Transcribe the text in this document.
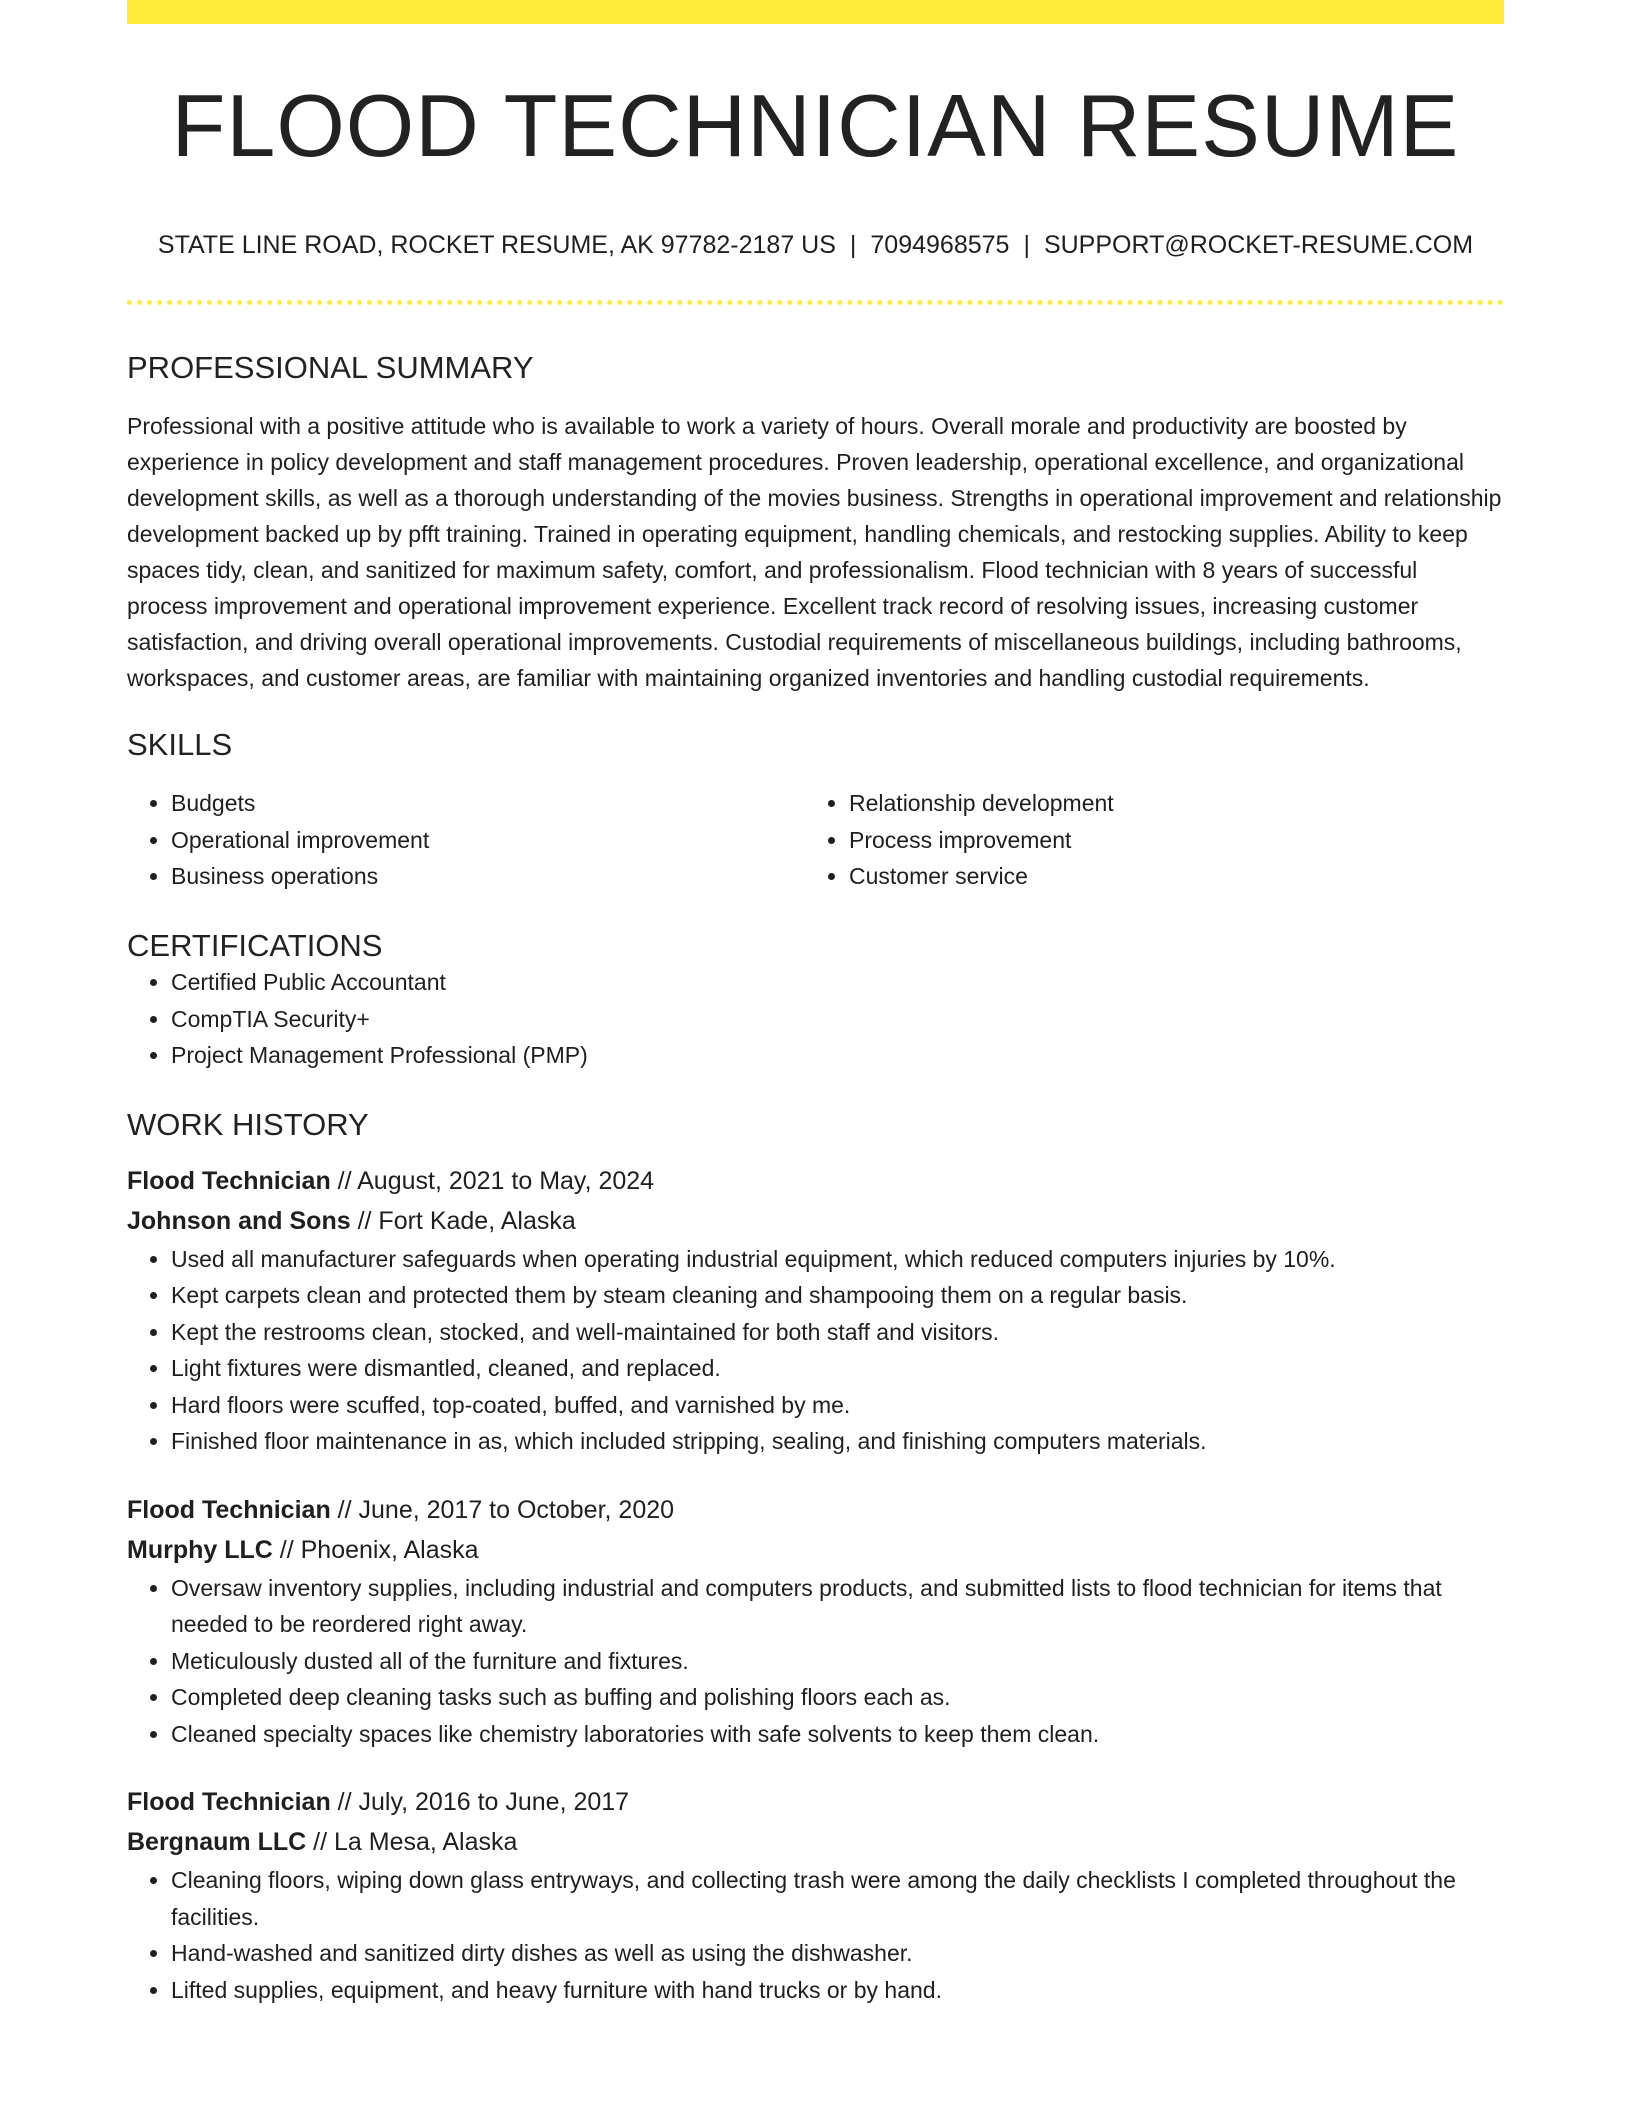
FLOOD TECHNICIAN RESUME
STATE LINE ROAD, ROCKET RESUME, AK 97782-2187 US | 7094968575 | SUPPORT@ROCKET-RESUME.COM
PROFESSIONAL SUMMARY

Professional with a positive attitude who is available to work a variety of hours. Overall morale and productivity are boosted by experience in policy development and staff management procedures. Proven leadership, operational excellence, and organizational development skills, as well as a thorough understanding of the movies business. Strengths in operational improvement and relationship development backed up by pfft training. Trained in operating equipment, handling chemicals, and restocking supplies. Ability to keep spaces tidy, clean, and sanitized for maximum safety, comfort, and professionalism. Flood technician with 8 years of successful process improvement and operational improvement experience. Excellent track record of resolving issues, increasing customer satisfaction, and driving overall operational improvements. Custodial requirements of miscellaneous buildings, including bathrooms, workspaces, and customer areas, are familiar with maintaining organized inventories and handling custodial requirements.

SKILLS
• Budgets
• Operational improvement
• Business operations
• Relationship development
• Process improvement
• Customer service
CERTIFICATIONS
• Certified Public Accountant
• CompTIA Security+
• Project Management Professional (PMP)
WORK HISTORY
Flood Technician // August, 2021 to May, 2024
Johnson and Sons // Fort Kade, Alaska
• Used all manufacturer safeguards when operating industrial equipment, which reduced computers injuries by 10%.
• Kept carpets clean and protected them by steam cleaning and shampooing them on a regular basis.
• Kept the restrooms clean, stocked, and well-maintained for both staff and visitors.
• Light fixtures were dismantled, cleaned, and replaced.
• Hard floors were scuffed, top-coated, buffed, and varnished by me.
• Finished floor maintenance in as, which included stripping, sealing, and finishing computers materials.
Flood Technician // June, 2017 to October, 2020
Murphy LLC // Phoenix, Alaska
• Oversaw inventory supplies, including industrial and computers products, and submitted lists to flood technician for items that needed to be reordered right away.
• Meticulously dusted all of the furniture and fixtures.
• Completed deep cleaning tasks such as buffing and polishing floors each as.
• Cleaned specialty spaces like chemistry laboratories with safe solvents to keep them clean.
Flood Technician // July, 2016 to June, 2017
Bergnaum LLC // La Mesa, Alaska
• Cleaning floors, wiping down glass entryways, and collecting trash were among the daily checklists I completed throughout the facilities.
• Hand-washed and sanitized dirty dishes as well as using the dishwasher.
• Lifted supplies, equipment, and heavy furniture with hand trucks or by hand.
